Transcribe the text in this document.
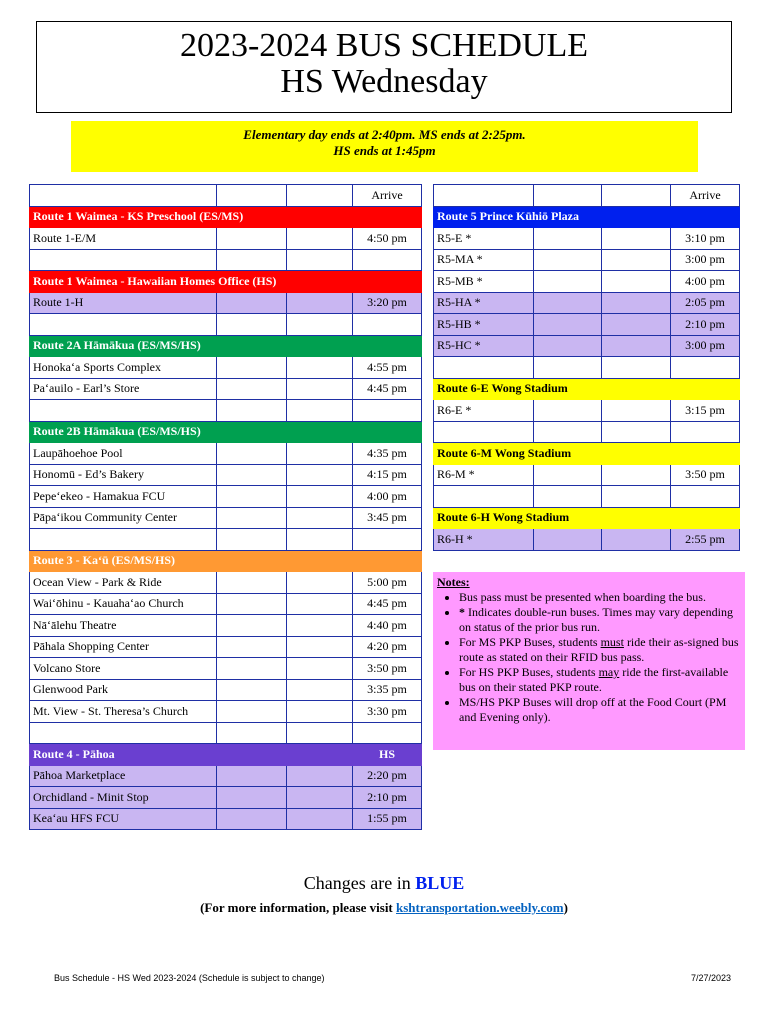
2023-2024 BUS SCHEDULE
HS Wednesday
Elementary day ends at 2:40pm. MS ends at 2:25pm.
HS ends at 1:45pm
			Arrive
Route 1 Waimea - KS Preschool (ES/MS)			
Route 1-E/M			4:50 pm

Route 1 Waimea - Hawaiian Homes Office (HS)			
Route 1-H			3:20 pm

Route 2A Hāmākua (ES/MS/HS)			
Honoka‘a Sports Complex			4:55 pm
Pa‘auilo - Earl’s Store			4:45 pm

Route 2B Hāmākua (ES/MS/HS)			
Laupāhoehoe Pool			4:35 pm
Honomū - Ed’s Bakery			4:15 pm
Pepe‘ekeo - Hamakua FCU			4:00 pm
Pāpa‘ikou Community Center			3:45 pm

Route 3 - Ka‘ū (ES/MS/HS)			
Ocean View - Park & Ride			5:00 pm
Wai‘ōhinu - Kauaha‘ao Church			4:45 pm
Nā‘ālehu Theatre			4:40 pm
Pāhala Shopping Center			4:20 pm
Volcano Store			3:50 pm
Glenwood Park			3:35 pm
Mt. View - St. Theresa’s Church			3:30 pm

Route 4 - Pāhoa			HS
Pāhoa Marketplace			2:20 pm
Orchidland - Minit Stop			2:10 pm
Kea‘au HFS FCU			1:55 pm
			Arrive
Route 5 Prince Kūhiō Plaza			
R5-E *			3:10 pm
R5-MA *			3:00 pm
R5-MB *			4:00 pm
R5-HA *			2:05 pm
R5-HB *			2:10 pm
R5-HC *			3:00 pm

Route 6-E Wong Stadium			
R6-E *			3:15 pm

Route 6-M Wong Stadium			
R6-M *			3:50 pm

Route 6-H Wong Stadium			
R6-H *			2:55 pm
Notes:
• Bus pass must be presented when boarding the bus.
• * Indicates double-run buses. Times may vary depending on status of the prior bus run.
• For MS PKP Buses, students must ride their as-signed bus route as stated on their RFID bus pass.
• For HS PKP Buses, students may ride the first-available bus on their stated PKP route.
• MS/HS PKP Buses will drop off at the Food Court (PM and Evening only).
Changes are in BLUE
(For more information, please visit kshtransportation.weebly.com)
Bus Schedule - HS Wed 2023-2024 (Schedule is subject to change)	7/27/2023
